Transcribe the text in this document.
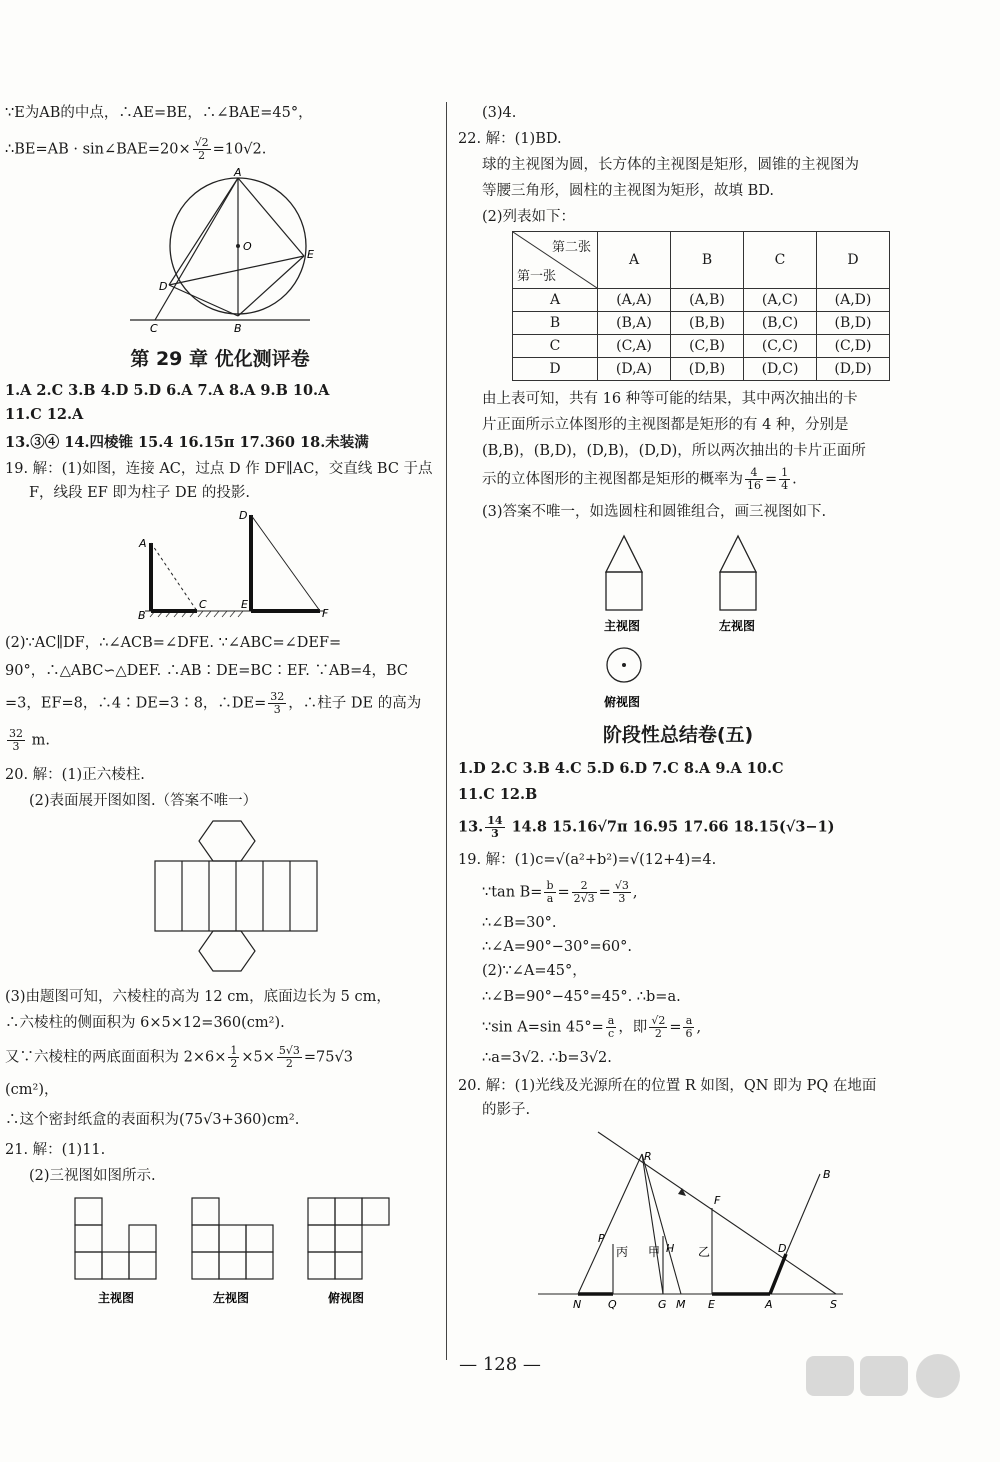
∵E为AB的中点，∴AE=BE，∴∠BAE=45°，

∴BE=AB · sin∠BAE=20× $\frac{√2}{2} =10√2$.

A
O
E
D
C	B

第 29 章 优化测评卷

1.A 2.C 3.B 4.D 5.D 6.A 7.A 8.A 9.B 10.A

11.C 12.A

13.③④ 14.四棱锥 15.4 16.15π 17.360 18.未装满

19. 解：(1)如图，连接 AC，过点 D 作 DF∥AC，交直线 BC 于点

F，线段 EF 即为柱子 DE 的投影.

A
B
C
D
E
F

(2)∵AC∥DF，∴∠ACB=∠DFE. ∵∠ABC=∠DEF=

90°，∴△ABC∽△DEF. ∴AB∶DE=BC∶EF. ∵AB=4，BC

=3，EF=8，∴4∶DE=3∶8，∴DE= $\frac{32}{3}$ ，∴柱子 DE 的高为

$\frac{32}{3} m$.

20. 解：(1)正六棱柱.

(2)表面展开图如图.（答案不唯一）

(3)由题图可知，六棱柱的高为 12 cm，底面边长为 5 cm，

∴六棱柱的侧面积为 6×5×12=360(cm²).

又∵六棱柱的两底面面积为 $2\times 6\times \frac{1}{2} \times 5\times \frac{5√3}{2} =75√3$

(cm²)，

∴这个密封纸盒的表面积为(75√3+360)cm².

21. 解：(1)11.

(2)三视图如图所示.

主视图	左视图	俯视图

(3)4.

22. 解：(1)BD.

球的主视图为圆，长方体的主视图是矩形，圆锥的主视图为

等腰三角形，圆柱的主视图为矩形，故填 BD.

(2)列表如下：

第二张
第一张	A	B	C	D
A	(A,A)	(A,B)	(A,C)	(A,D)
B	(B,A)	(B,B)	(B,C)	(B,D)
C	(C,A)	(C,B)	(C,C)	(C,D)
D	(D,A)	(D,B)	(D,C)	(D,D)

由上表可知，共有 16 种等可能的结果，其中两次抽出的卡

片正面所示立体图形的主视图都是矩形的有 4 种，分别是

(B,B)，(B,D)，(D,B)，(D,D)，所以两次抽出的卡片正面所

示的立体图形的主视图都是矩形的概率为 $\frac{4}{16} = \frac{1}{4}$ .

(3)答案不唯一，如选圆柱和圆锥组合，画三视图如下.

主视图	左视图
俯视图

阶段性总结卷(五)

1.D 2.C 3.B 4.C 5.D 6.D 7.C 8.A 9.A 10.C

11.C 12.B

13. $\frac{14}{3} 14.8$ 15.16√7π 16.95 17.66 18.15(√3−1)

19. 解：(1)c=√(a²+b²)=√(12+4)=4.

∵tan $B= \frac{b}{a} = \frac{2}{2√3} = \frac{√3}{3}$ ,

∴∠B=30°.

∴∠A=90°−30°=60°.

(2)∵∠A=45°，

∴∠B=90°−45°=45°. ∴b=a.

∵sin A=sin $45^\circ= \frac{a}{c}$ ，即 $\frac{√2}{2} = \frac{a}{6}$ ,

∴a=3√2. ∴b=3√2.

20. 解：(1)光线及光源所在的位置 R 如图，QN 即为 PQ 在地面

的影子.

R
P
丙 甲 H
F
乙
B
D
N Q	G M E	A	S
— 128 —
